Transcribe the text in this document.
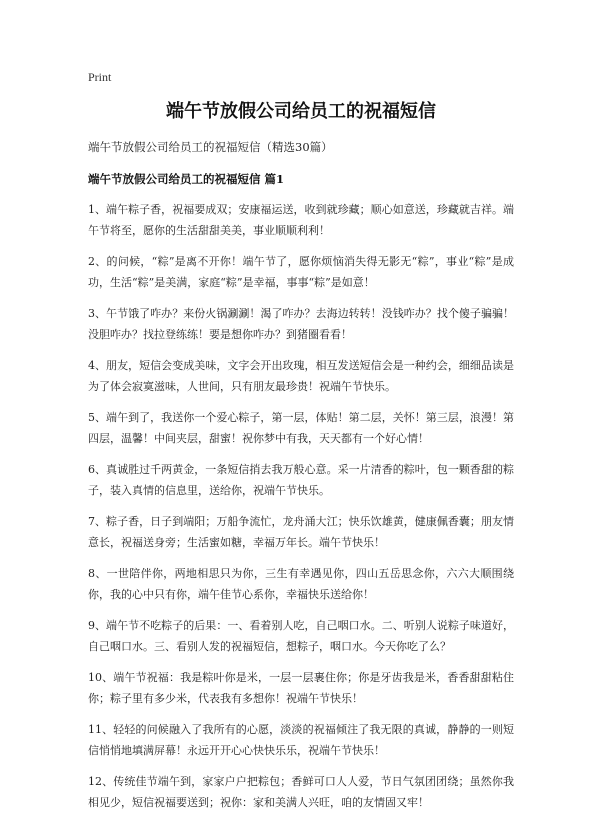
Print
端午节放假公司给员工的祝福短信
端午节放假公司给员工的祝福短信（精选30篇）
端午节放假公司给员工的祝福短信 篇1

1、端午粽子香，祝福要成双；安康福运送，收到就珍藏；顺心如意送，珍藏就吉祥。端午节将至，愿你的生活甜甜美美，事业顺顺利利！

2、的问候，“粽”是离不开你！端午节了，愿你烦恼消失得无影无“粽”，事业“粽”是成功，生活“粽”是美满，家庭“粽”是幸福，事事“粽”是如意！

3、午节饿了咋办？来份火锅涮涮！渴了咋办？去海边转转！没钱咋办？找个傻子骗骗！没胆咋办？找拉登练练！要是想你咋办？到猪圈看看！

4、朋友，短信会变成美味，文字会开出玫瑰，相互发送短信会是一种约会，细细品读是为了体会寂寞滋味，人世间，只有朋友最珍贵！祝端午节快乐。

5、端午到了，我送你一个爱心粽子，第一层，体贴！第二层，关怀！第三层，浪漫！第四层，温馨！中间夹层，甜蜜！祝你梦中有我，天天都有一个好心情！

6、真诚胜过千两黄金，一条短信捎去我万般心意。采一片清香的粽叶，包一颗香甜的粽子，装入真情的信息里，送给你，祝端午节快乐。

7、粽子香，日子到端阳；万船争流忙，龙舟涌大江；快乐饮雄黄，健康佩香囊；朋友情意长，祝福送身旁；生活蜜如糖，幸福万年长。端午节快乐！

8、一世陪伴你，两地相思只为你，三生有幸遇见你，四山五岳思念你，六六大顺围绕你，我的心中只有你，端午佳节心系你，幸福快乐送给你！

9、端午节不吃粽子的后果：一、看着别人吃，自己咽口水。二、听别人说粽子味道好，自己咽口水。三、看别人发的祝福短信，想粽子，咽口水。今天你吃了么？

10、端午节祝福：我是粽叶你是米，一层一层裹住你；你是牙齿我是米，香香甜甜粘住你；粽子里有多少米，代表我有多想你！祝端午节快乐！

11、轻轻的问候融入了我所有的心愿，淡淡的祝福倾注了我无限的真诚，静静的一则短信悄悄地填满屏幕！永远开开心心快快乐乐，祝端午节快乐！

12、传统佳节端午到，家家户户把粽包；香鲜可口人人爱，节日气氛团团绕；虽然你我相见少，短信祝福要送到；祝你：家和美满人兴旺，咱的友情固又牢！
